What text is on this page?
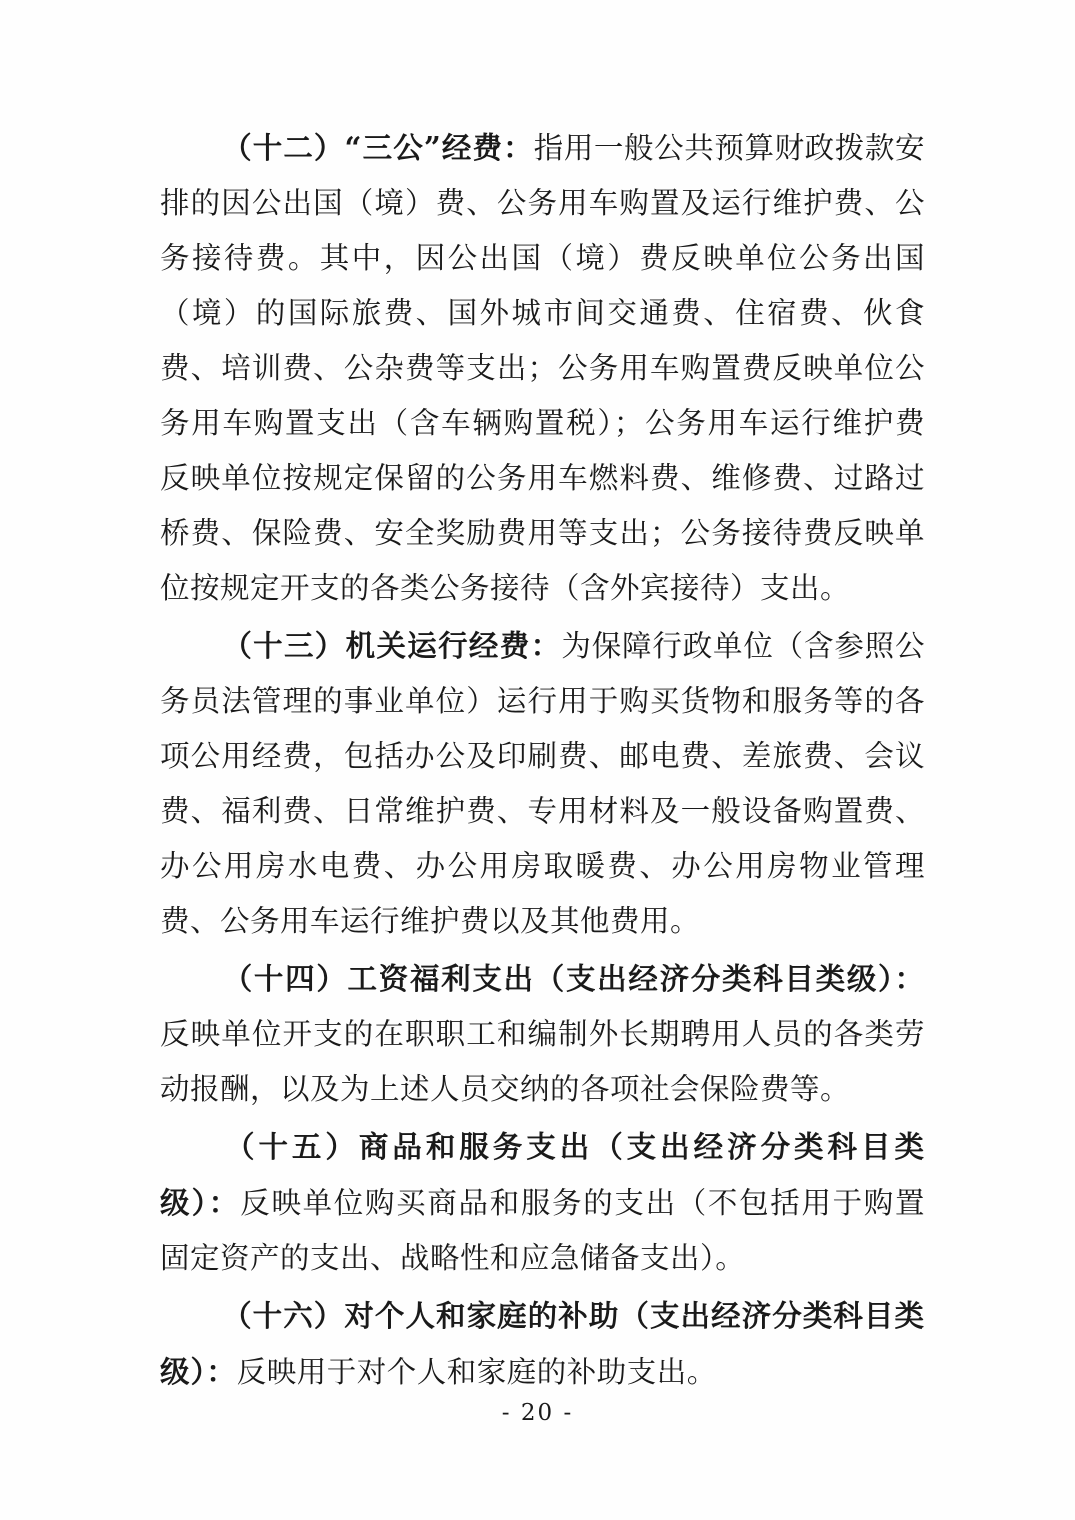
（十二）“三公”经费：指用一般公共预算财政拨款安排的因公出国（境）费、公务用车购置及运行维护费、公务接待费。其中，因公出国（境）费反映单位公务出国（境）的国际旅费、国外城市间交通费、住宿费、伙食费、培训费、公杂费等支出；公务用车购置费反映单位公务用车购置支出（含车辆购置税）；公务用车运行维护费反映单位按规定保留的公务用车燃料费、维修费、过路过桥费、保险费、安全奖励费用等支出；公务接待费反映单位按规定开支的各类公务接待（含外宾接待）支出。

（十三）机关运行经费：为保障行政单位（含参照公务员法管理的事业单位）运行用于购买货物和服务等的各项公用经费，包括办公及印刷费、邮电费、差旅费、会议费、福利费、日常维护费、专用材料及一般设备购置费、办公用房水电费、办公用房取暖费、办公用房物业管理费、公务用车运行维护费以及其他费用。

（十四）工资福利支出（支出经济分类科目类级）：反映单位开支的在职职工和编制外长期聘用人员的各类劳动报酬，以及为上述人员交纳的各项社会保险费等。

（十五）商品和服务支出（支出经济分类科目类级）：反映单位购买商品和服务的支出（不包括用于购置固定资产的支出、战略性和应急储备支出）。

（十六）对个人和家庭的补助（支出经济分类科目类级）：反映用于对个人和家庭的补助支出。

- 20 -
